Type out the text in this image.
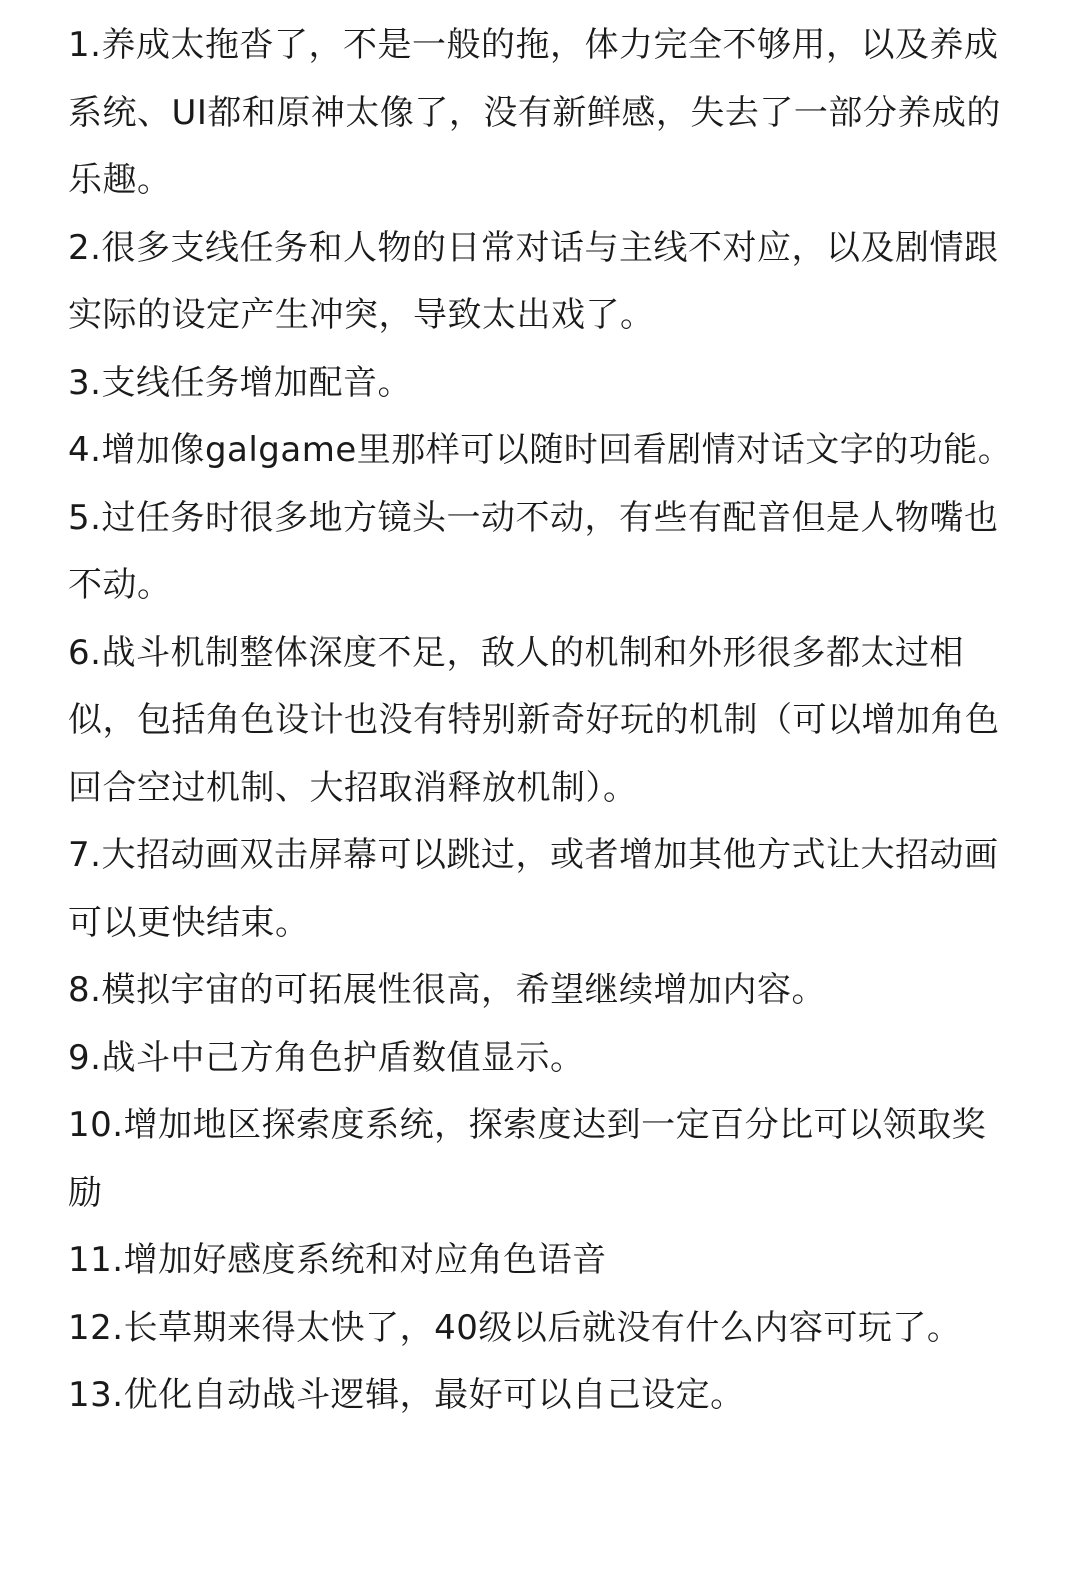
1.养成太拖沓了，不是一般的拖，体力完全不够用，以及养成系统、UI都和原神太像了，没有新鲜感，失去了一部分养成的乐趣。

2.很多支线任务和人物的日常对话与主线不对应，以及剧情跟实际的设定产生冲突，导致太出戏了。

3.支线任务增加配音。

4.增加像galgame里那样可以随时回看剧情对话文字的功能。

5.过任务时很多地方镜头一动不动，有些有配音但是人物嘴也不动。

6.战斗机制整体深度不足，敌人的机制和外形很多都太过相似，包括角色设计也没有特别新奇好玩的机制（可以增加角色回合空过机制、大招取消释放机制）。

7.大招动画双击屏幕可以跳过，或者增加其他方式让大招动画可以更快结束。

8.模拟宇宙的可拓展性很高，希望继续增加内容。

9.战斗中己方角色护盾数值显示。

10.增加地区探索度系统，探索度达到一定百分比可以领取奖励

11.增加好感度系统和对应角色语音

12.长草期来得太快了，40级以后就没有什么内容可玩了。

13.优化自动战斗逻辑，最好可以自己设定。
